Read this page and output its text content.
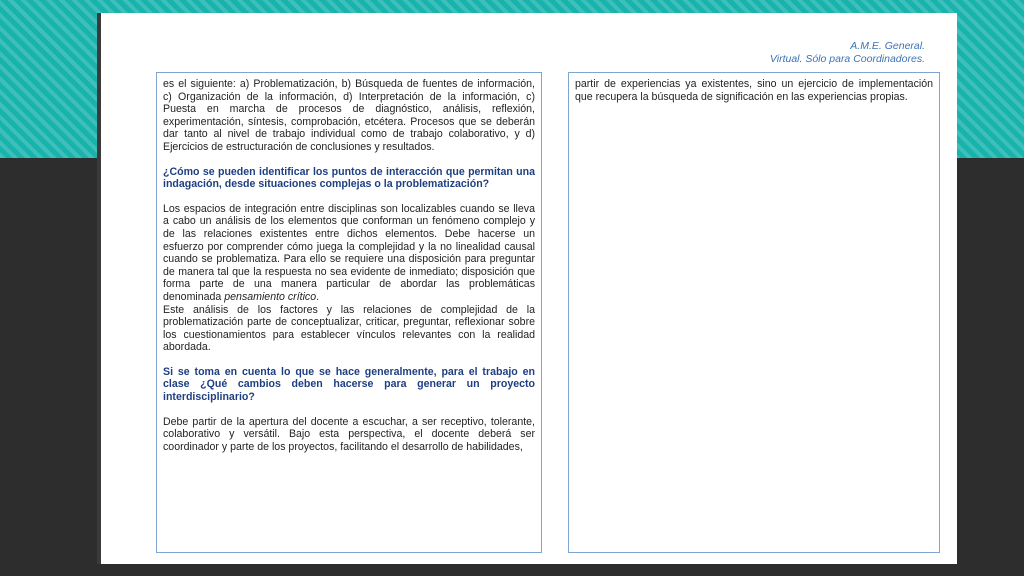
A.M.E. General.
Virtual. Sólo para Coordinadores.

es el siguiente: a) Problematización, b) Búsqueda de fuentes de información, c) Organización de la información, d) Interpretación de la información, c) Puesta en marcha de procesos de diagnóstico, análisis, reflexión, experimentación, síntesis, comprobación, etcétera. Procesos que se deberán dar tanto al nivel de trabajo individual como de trabajo colaborativo, y d) Ejercicios de estructuración de conclusiones y resultados.

¿Cómo se pueden identificar los puntos de interacción que permitan una indagación, desde situaciones complejas o la problematización?

Los espacios de integración entre disciplinas son localizables cuando se lleva a cabo un análisis de los elementos que conforman un fenómeno complejo y de las relaciones existentes entre dichos elementos. Debe hacerse un esfuerzo por comprender cómo juega la complejidad y la no linealidad causal cuando se problematiza. Para ello se requiere una disposición para preguntar de manera tal que la respuesta no sea evidente de inmediato; disposición que forma parte de una manera particular de abordar las problemáticas denominada pensamiento crítico.

Este análisis de los factores y las relaciones de complejidad de la problematización parte de conceptualizar, criticar, preguntar, reflexionar sobre los cuestionamientos para establecer vínculos relevantes con la realidad abordada.

Si se toma en cuenta lo que se hace generalmente, para el trabajo en clase ¿Qué cambios deben hacerse para generar un proyecto interdisciplinario?

Debe partir de la apertura del docente a escuchar, a ser receptivo, tolerante, colaborativo y versátil. Bajo esta perspectiva, el docente deberá ser coordinador y parte de los proyectos, facilitando el desarrollo de habilidades,

partir de experiencias ya existentes, sino un ejercicio de implementación que recupera la búsqueda de significación en las experiencias propias.
